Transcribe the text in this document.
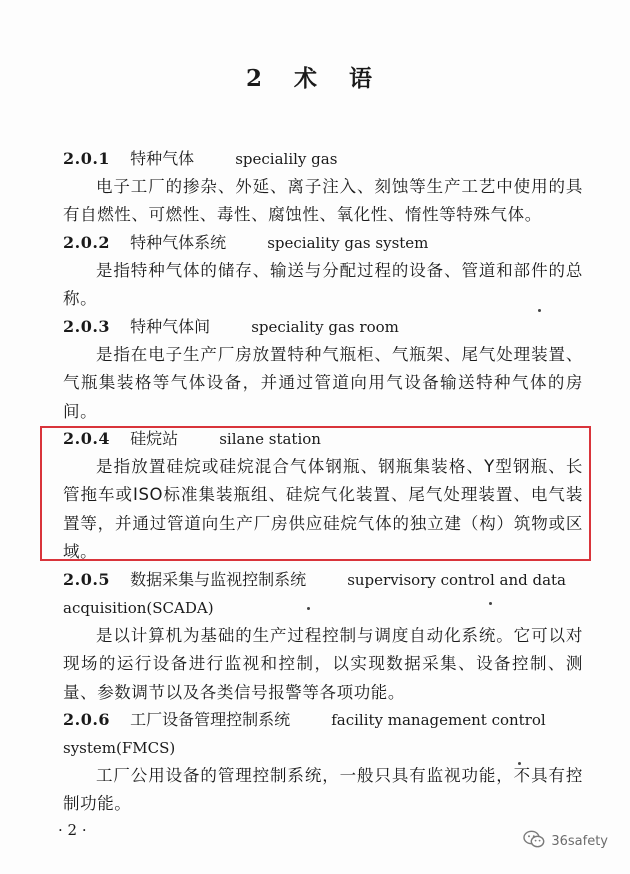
2 术 语
2.0.1 特种气体	specialily gas
电子工厂的掺杂、外延、离子注入、刻蚀等生产工艺中使用的具有自燃性、可燃性、毒性、腐蚀性、氧化性、惰性等特殊气体。
2.0.2 特种气体系统	speciality gas system
是指特种气体的储存、输送与分配过程的设备、管道和部件的总称。
2.0.3 特种气体间	speciality gas room
是指在电子生产厂房放置特种气瓶柜、气瓶架、尾气处理装置、气瓶集装格等气体设备，并通过管道向用气设备输送特种气体的房间。
2.0.4 硅烷站	silane station
是指放置硅烷或硅烷混合气体钢瓶、钢瓶集装格、Y型钢瓶、长管拖车或ISO标准集装瓶组、硅烷气化装置、尾气处理装置、电气装置等，并通过管道向生产厂房供应硅烷气体的独立建（构）筑物或区域。
2.0.5 数据采集与监视控制系统	supervisory control and data acquisition(SCADA)
是以计算机为基础的生产过程控制与调度自动化系统。它可以对现场的运行设备进行监视和控制，以实现数据采集、设备控制、测量、参数调节以及各类信号报警等各项功能。
2.0.6 工厂设备管理控制系统	facility management control system(FMCS)
工厂公用设备的管理控制系统，一般只具有监视功能，不具有控制功能。
· 2 ·
36safety
